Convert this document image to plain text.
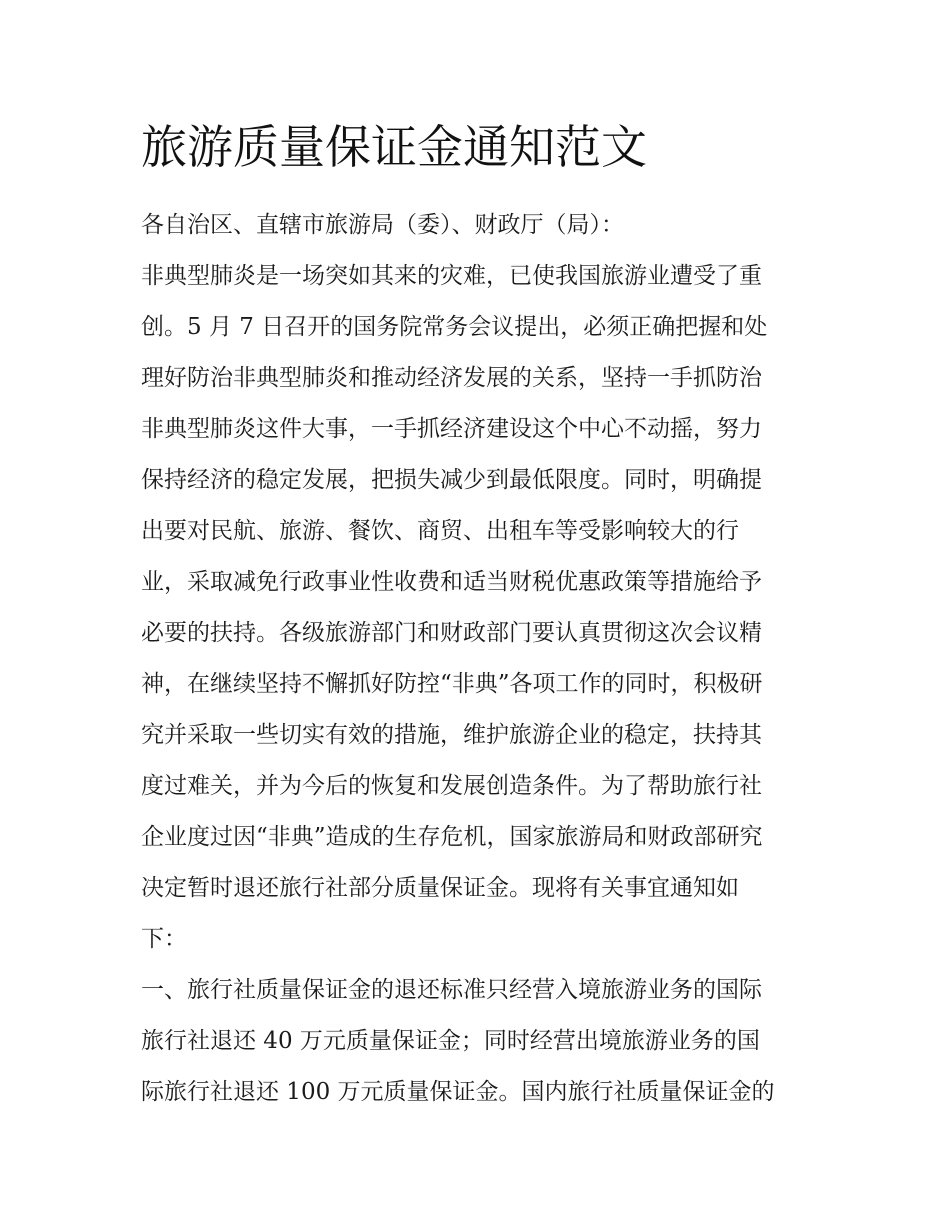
旅游质量保证金通知范文
各自治区、直辖市旅游局（委）、财政厅（局）：
非典型肺炎是一场突如其来的灾难，已使我国旅游业遭受了重
创。5 月 7 日召开的国务院常务会议提出，必须正确把握和处
理好防治非典型肺炎和推动经济发展的关系，坚持一手抓防治
非典型肺炎这件大事，一手抓经济建设这个中心不动摇，努力
保持经济的稳定发展，把损失减少到最低限度。同时，明确提
出要对民航、旅游、餐饮、商贸、出租车等受影响较大的行
业，采取减免行政事业性收费和适当财税优惠政策等措施给予
必要的扶持。各级旅游部门和财政部门要认真贯彻这次会议精
神，在继续坚持不懈抓好防控“非典”各项工作的同时，积极研
究并采取一些切实有效的措施，维护旅游企业的稳定，扶持其
度过难关，并为今后的恢复和发展创造条件。为了帮助旅行社
企业度过因“非典”造成的生存危机，国家旅游局和财政部研究
决定暂时退还旅行社部分质量保证金。现将有关事宜通知如
下：
一、旅行社质量保证金的退还标准只经营入境旅游业务的国际
旅行社退还 40 万元质量保证金；同时经营出境旅游业务的国
际旅行社退还 100 万元质量保证金。国内旅行社质量保证金的
